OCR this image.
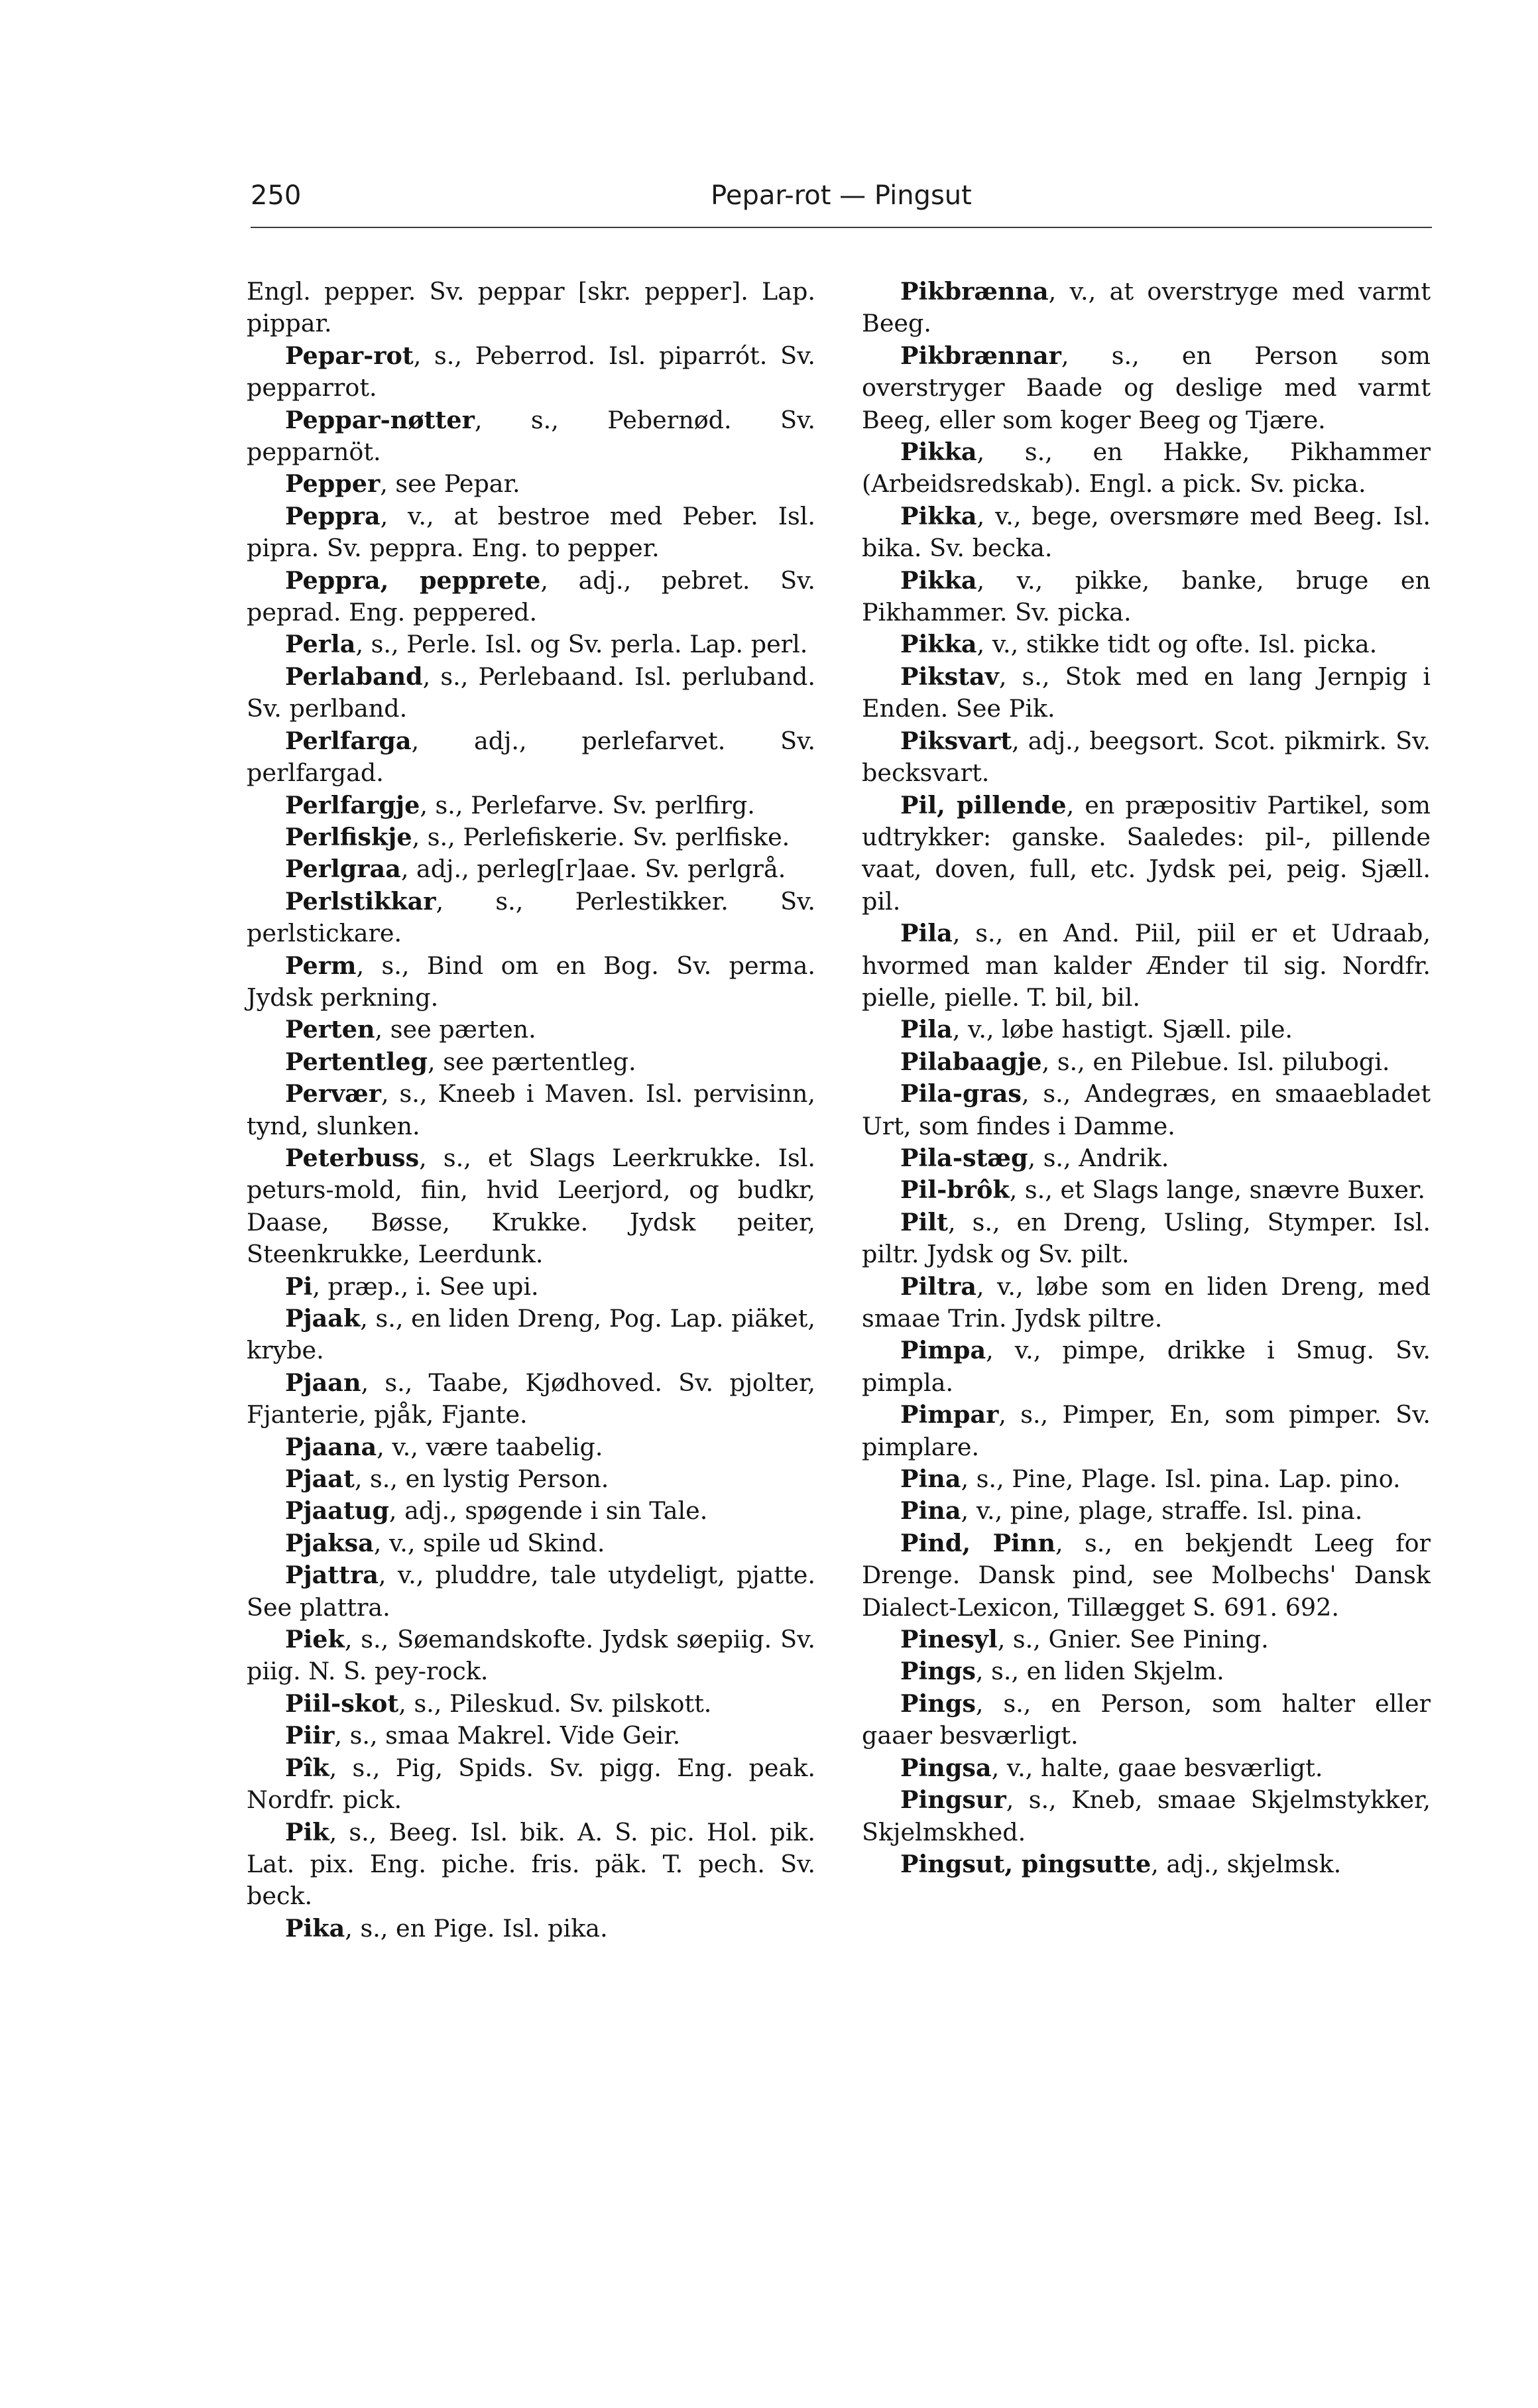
250	Pepar-rot — Pingsut

Engl. pepper. Sv. peppar [skr. pepper]. Lap. pippar.

Pepar-rot, s., Peberrod. Isl. piparrót. Sv. pepparrot.

Peppar-nøtter, s., Pebernød. Sv. pepparnöt.

Pepper, see Pepar.

Peppra, v., at bestroe med Peber. Isl. pipra. Sv. peppra. Eng. to pepper.

Peppra, pepprete, adj., pebret. Sv. peprad. Eng. peppered.

Perla, s., Perle. Isl. og Sv. perla. Lap. perl.

Perlaband, s., Perlebaand. Isl. perluband. Sv. perlband.

Perlfarga, adj., perlefarvet. Sv. perlfargad.

Perlfargje, s., Perlefarve. Sv. perlfirg.

Perlfiskje, s., Perlefiskerie. Sv. perlfiske.

Perlgraa, adj., perleg[r]aae. Sv. perlgrå.

Perlstikkar, s., Perlestikker. Sv. perlstickare.

Perm, s., Bind om en Bog. Sv. perma. Jydsk perkning.

Perten, see pærten.

Pertentleg, see pærtentleg.

Pervær, s., Kneeb i Maven. Isl. pervisinn, tynd, slunken.

Peterbuss, s., et Slags Leerkrukke. Isl. peturs-mold, fiin, hvid Leerjord, og budkr, Daase, Bøsse, Krukke. Jydsk peiter, Steenkrukke, Leerdunk.

Pi, præp., i. See upi.

Pjaak, s., en liden Dreng, Pog. Lap. piäket, krybe.

Pjaan, s., Taabe, Kjødhoved. Sv. pjolter, Fjanterie, pjåk, Fjante.

Pjaana, v., være taabelig.

Pjaat, s., en lystig Person.

Pjaatug, adj., spøgende i sin Tale.

Pjaksa, v., spile ud Skind.

Pjattra, v., pluddre, tale utydeligt, pjatte. See plattra.

Piek, s., Søemandskofte. Jydsk søepiig. Sv. piig. N. S. pey-rock.

Piil-skot, s., Pileskud. Sv. pilskott.

Piir, s., smaa Makrel. Vide Geir.

Pîk, s., Pig, Spids. Sv. pigg. Eng. peak. Nordfr. pick.

Pik, s., Beeg. Isl. bik. A. S. pic. Hol. pik. Lat. pix. Eng. piche. fris. päk. T. pech. Sv. beck.

Pika, s., en Pige. Isl. pika.

Pikbrænna, v., at overstryge med varmt Beeg.

Pikbrænnar, s., en Person som overstryger Baade og deslige med varmt Beeg, eller som koger Beeg og Tjære.

Pikka, s., en Hakke, Pikhammer (Arbeidsredskab). Engl. a pick. Sv. picka.

Pikka, v., bege, oversmøre med Beeg. Isl. bika. Sv. becka.

Pikka, v., pikke, banke, bruge en Pikhammer. Sv. picka.

Pikka, v., stikke tidt og ofte. Isl. picka.

Pikstav, s., Stok med en lang Jernpig i Enden. See Pik.

Piksvart, adj., beegsort. Scot. pikmirk. Sv. becksvart.

Pil, pillende, en præpositiv Partikel, som udtrykker: ganske. Saaledes: pil-, pillende vaat, doven, full, etc. Jydsk pei, peig. Sjæll. pil.

Pila, s., en And. Piil, piil er et Udraab, hvormed man kalder Ænder til sig. Nordfr. pielle, pielle. T. bil, bil.

Pila, v., løbe hastigt. Sjæll. pile.

Pilabaagje, s., en Pilebue. Isl. pilubogi.

Pila-gras, s., Andegræs, en smaaebladet Urt, som findes i Damme.

Pila-stæg, s., Andrik.

Pil-brôk, s., et Slags lange, snævre Buxer.

Pilt, s., en Dreng, Usling, Stymper. Isl. piltr. Jydsk og Sv. pilt.

Piltra, v., løbe som en liden Dreng, med smaae Trin. Jydsk piltre.

Pimpa, v., pimpe, drikke i Smug. Sv. pimpla.

Pimpar, s., Pimper, En, som pimper. Sv. pimplare.

Pina, s., Pine, Plage. Isl. pina. Lap. pino.

Pina, v., pine, plage, straffe. Isl. pina.

Pind, Pinn, s., en bekjendt Leeg for Drenge. Dansk pind, see Molbechs' Dansk Dialect-Lexicon, Tillægget S. 691. 692.

Pinesyl, s., Gnier. See Pining.

Pings, s., en liden Skjelm.

Pings, s., en Person, som halter eller gaaer besværligt.

Pingsa, v., halte, gaae besværligt.

Pingsur, s., Kneb, smaae Skjelmstykker, Skjelmskhed.

Pingsut, pingsutte, adj., skjelmsk.
